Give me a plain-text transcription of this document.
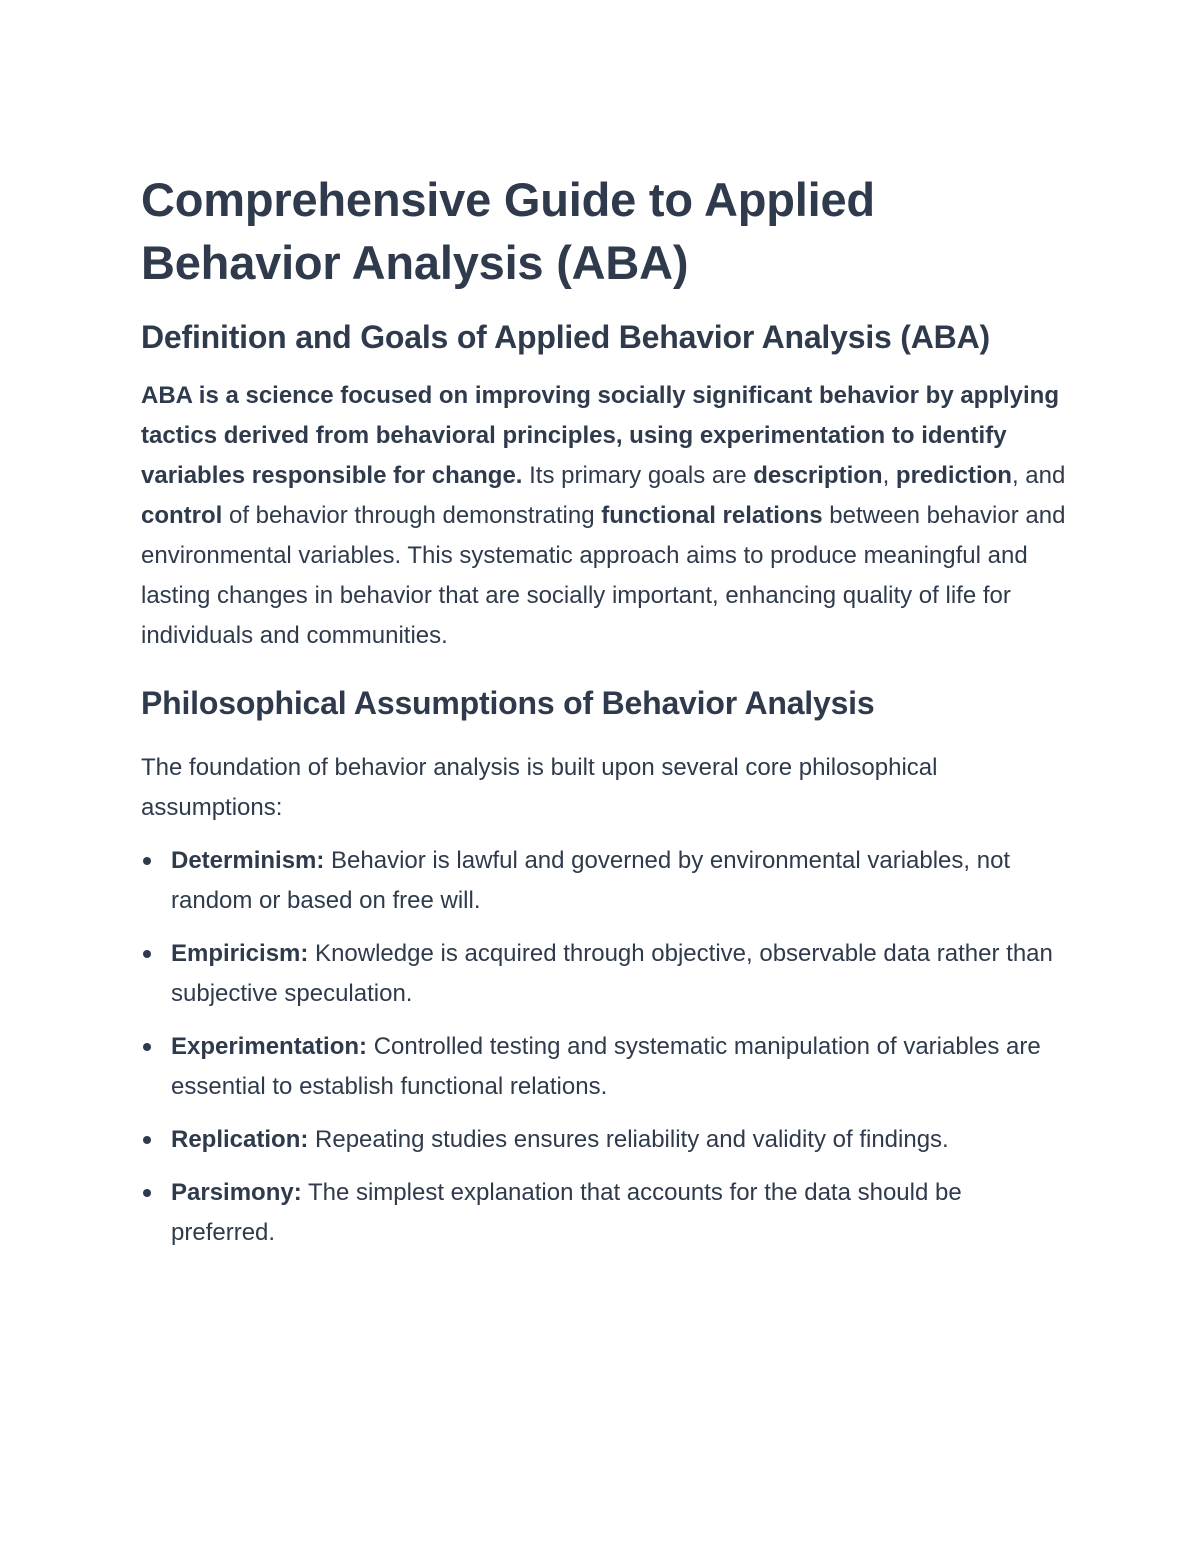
Comprehensive Guide to Applied Behavior Analysis (ABA)
Definition and Goals of Applied Behavior Analysis (ABA)

ABA is a science focused on improving socially significant behavior by applying tactics derived from behavioral principles, using experimentation to identify variables responsible for change. Its primary goals are description, prediction, and control of behavior through demonstrating functional relations between behavior and environmental variables. This systematic approach aims to produce meaningful and lasting changes in behavior that are socially important, enhancing quality of life for individuals and communities.

Philosophical Assumptions of Behavior Analysis

The foundation of behavior analysis is built upon several core philosophical assumptions:

Determinism: Behavior is lawful and governed by environmental variables, not random or based on free will.
Empiricism: Knowledge is acquired through objective, observable data rather than subjective speculation.
Experimentation: Controlled testing and systematic manipulation of variables are essential to establish functional relations.
Replication: Repeating studies ensures reliability and validity of findings.
Parsimony: The simplest explanation that accounts for the data should be preferred.
